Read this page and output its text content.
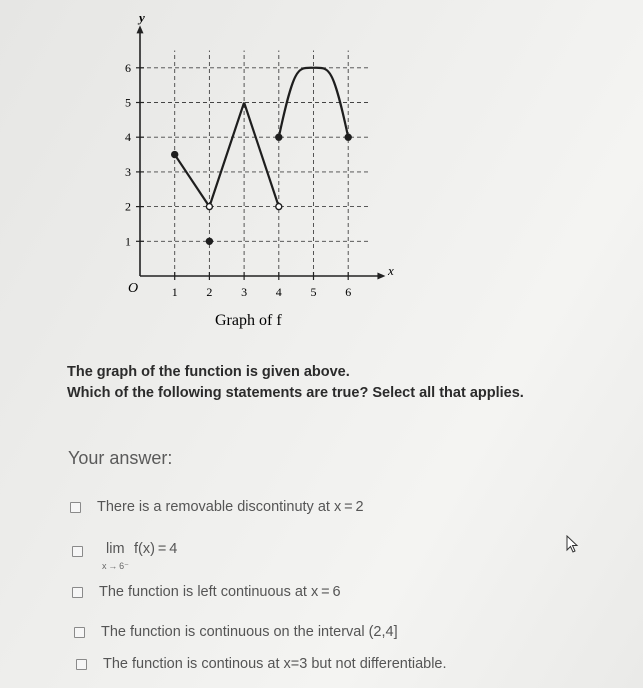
1 2 3 4 5 6
1
2
3
4
5
6
y
x
O
Graph of f
The graph of the function is given above.
Which of the following statements are true? Select all that applies.
Your answer:
There is a removable discontinuty at x = 2
lim f(x) = 4
x → 6⁻
The function is left continuous at x = 6
The function is continuous on the interval (2,4]
The function is continous at x=3 but not differentiable.
